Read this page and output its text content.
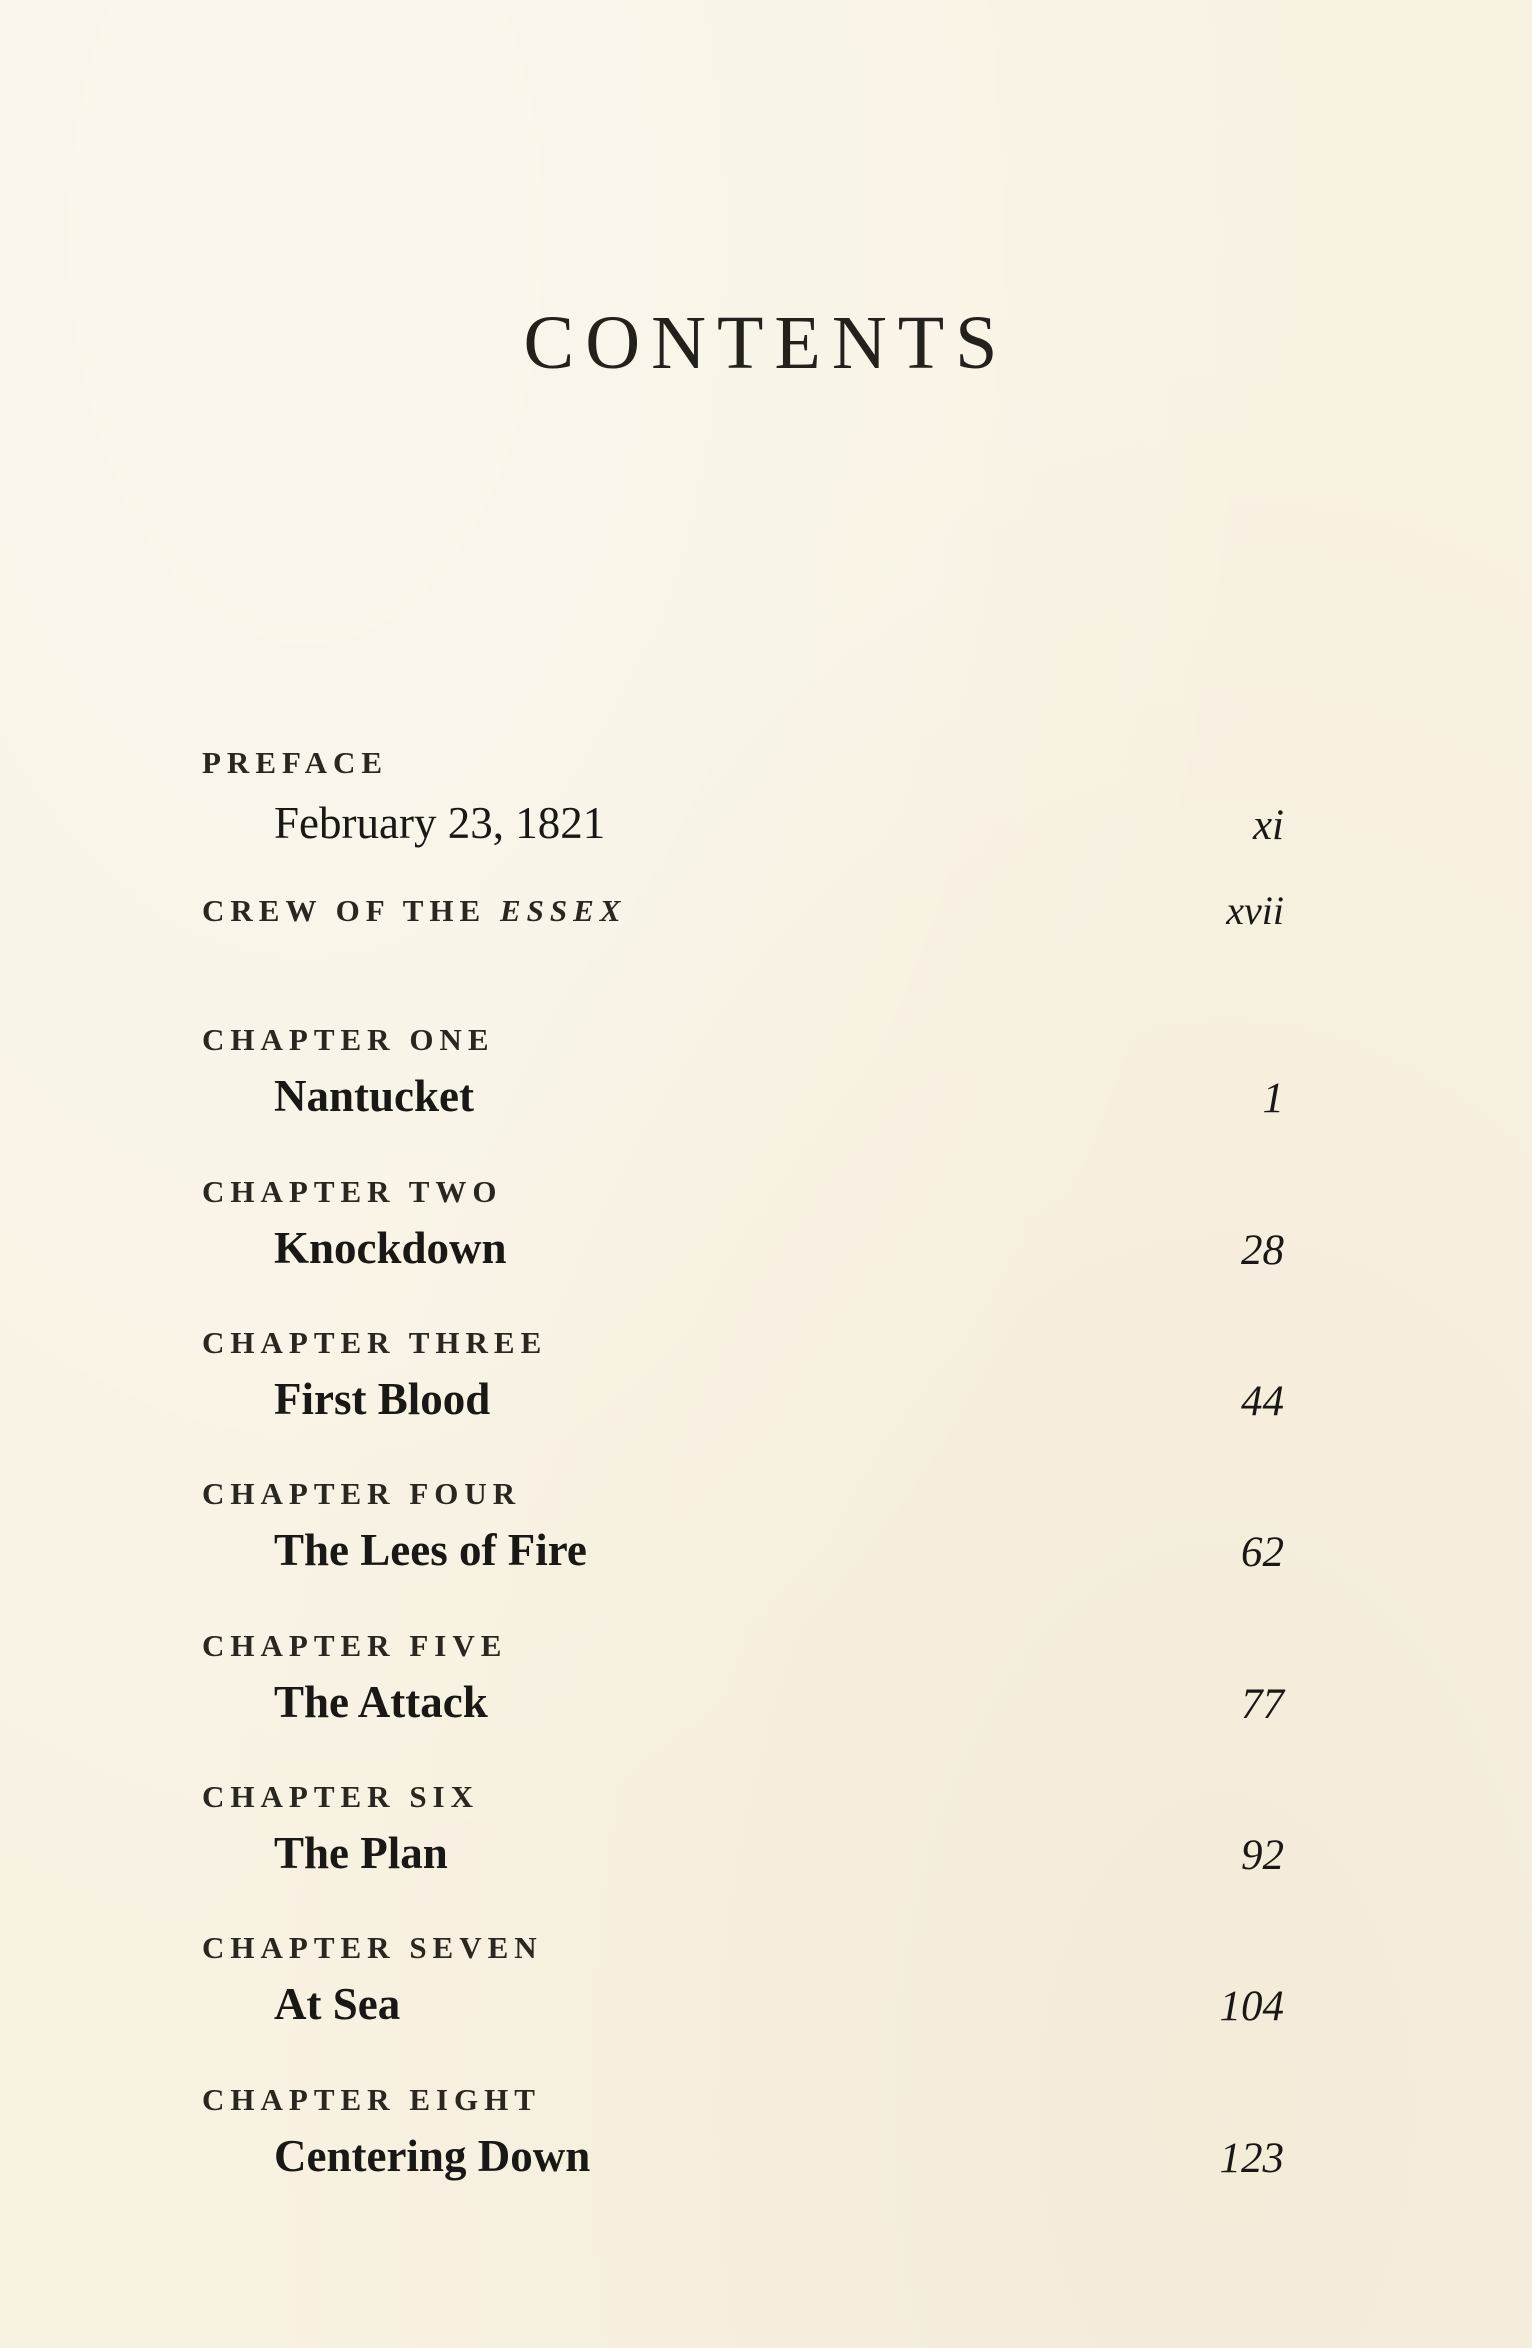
CONTENTS
PREFACE
February 23, 1821	xi
CREW OF THE ESSEX	xvii
CHAPTER ONE
Nantucket	1
CHAPTER TWO
Knockdown	28
CHAPTER THREE
First Blood	44
CHAPTER FOUR
The Lees of Fire	62
CHAPTER FIVE
The Attack	77
CHAPTER SIX
The Plan	92
CHAPTER SEVEN
At Sea	104
CHAPTER EIGHT
Centering Down	123
